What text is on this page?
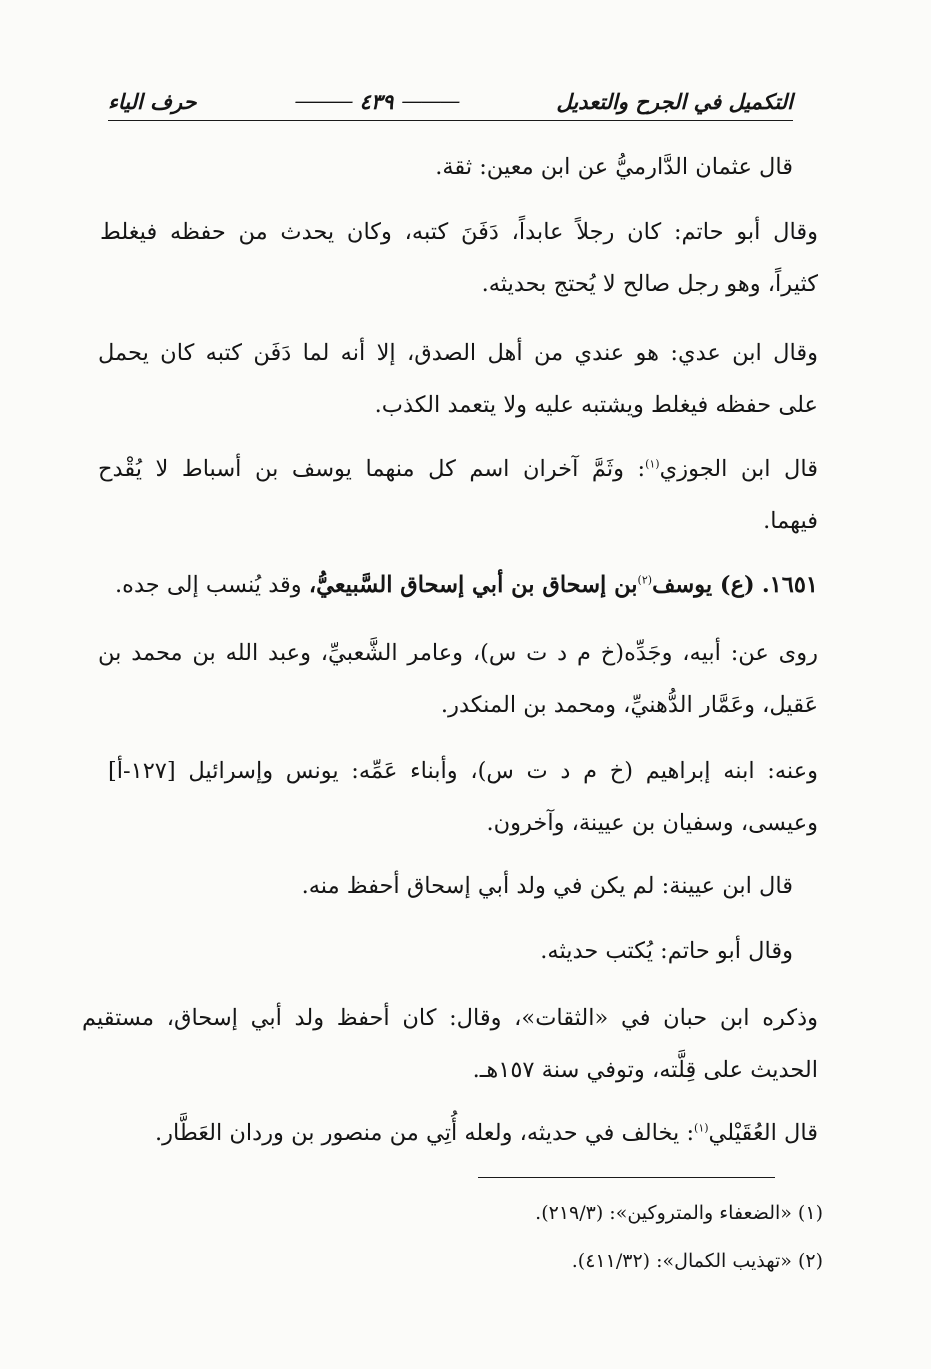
التكميل في الجرح والتعديل
———
٤٣٩
———
حرف الياء
قال عثمان الدَّارميُّ عن ابن معين: ثقة.
وقال أبو حاتم: كان رجلاً عابداً، دَفَنَ كتبه، وكان يحدث من حفظه فيغلط
كثيراً، وهو رجل صالح لا يُحتج بحديثه.
وقال ابن عدي: هو عندي من أهل الصدق، إلا أنه لما دَفَن كتبه كان يحمل
على حفظه فيغلط ويشتبه عليه ولا يتعمد الكذب.
قال ابن الجوزي$^{(١)}$: وثَمَّ آخران اسم كل منهما يوسف بن أسباط لا يُقْدح
فيهما.
١٦٥١. (ع) يوسف$^{(٢)}$بن إسحاق بن أبي إسحاق السَّبيعيُّ، وقد يُنسب إلى جده.
روى عن: أبيه، وجَدِّه(خ م د ت س)، وعامر الشَّعبيِّ، وعبد الله بن محمد بن
عَقيل، وعَمَّار الدُّهنيِّ، ومحمد بن المنكدر.
وعنه: ابنه إبراهيم (خ م د ت س)، وأبناء عَمِّه: يونس وإسرائيل [١٢٧-أ]
وعيسى، وسفيان بن عيينة، وآخرون.
قال ابن عيينة: لم يكن في ولد أبي إسحاق أحفظ منه.
وقال أبو حاتم: يُكتب حديثه.
وذكره ابن حبان في «الثقات»، وقال: كان أحفظ ولد أبي إسحاق، مستقيم
الحديث على قِلَّته، وتوفي سنة ١٥٧هـ.
قال العُقَيْلي$^{(١)}$: يخالف في حديثه، ولعله أُتِي من منصور بن وردان العَطَّار.
(١) «الضعفاء والمتروكين»: (٢١٩/٣).
(٢) «تهذيب الكمال»: (٤١١/٣٢).
